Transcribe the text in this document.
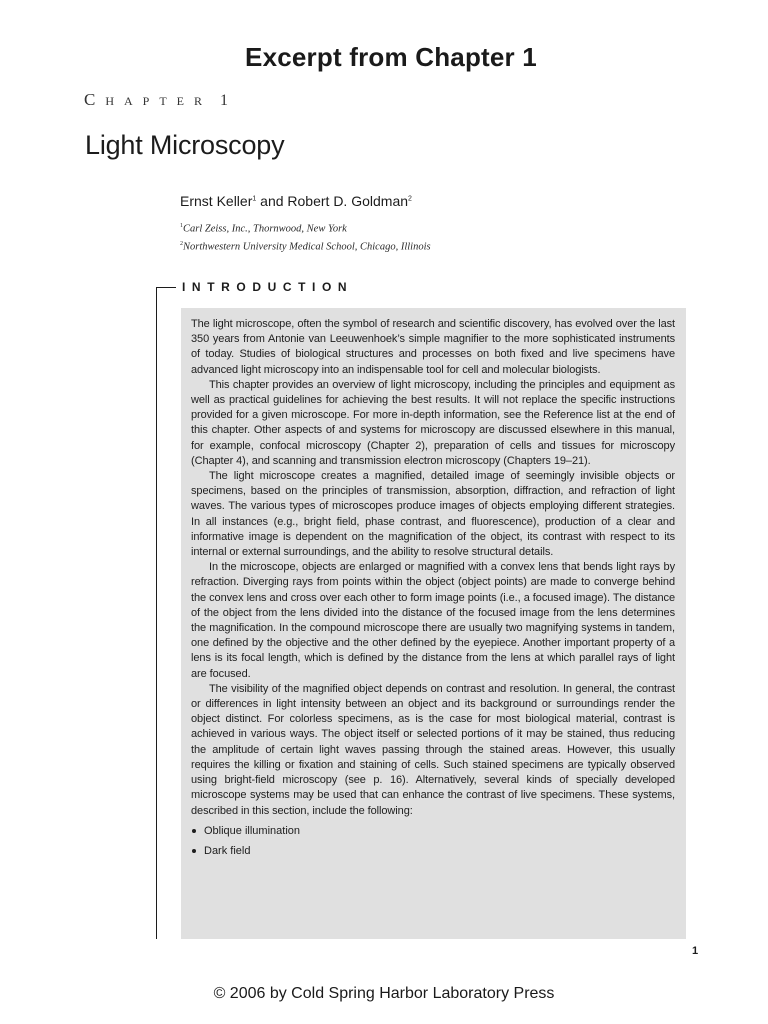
Excerpt from Chapter 1
Chapter 1
Light Microscopy
Ernst Keller$^1$ and Robert D. Goldman$^2$
$^1$Carl Zeiss, Inc., Thornwood, New York
$^2$Northwestern University Medical School, Chicago, Illinois
INTRODUCTION

The light microscope, often the symbol of research and scientific discovery, has evolved over the last 350 years from Antonie van Leeuwenhoek’s simple magnifier to the more sophisticated instruments of today. Studies of biological structures and processes on both fixed and live specimens have advanced light microscopy into an indispensable tool for cell and molecular biologists.

This chapter provides an overview of light microscopy, including the principles and equipment as well as practical guidelines for achieving the best results. It will not replace the specific instructions provided for a given microscope. For more in-depth information, see the Reference list at the end of this chapter. Other aspects of and systems for microscopy are discussed elsewhere in this manual, for example, confocal microscopy (Chapter 2), preparation of cells and tissues for microscopy (Chapter 4), and scanning and transmission electron microscopy (Chapters 19–21).

The light microscope creates a magnified, detailed image of seemingly invisible objects or specimens, based on the principles of transmission, absorption, diffraction, and refraction of light waves. The various types of microscopes produce images of objects employing different strategies. In all instances (e.g., bright field, phase contrast, and fluorescence), production of a clear and informative image is dependent on the magnification of the object, its contrast with respect to its internal or external surroundings, and the ability to resolve structural details.

In the microscope, objects are enlarged or magnified with a convex lens that bends light rays by refraction. Diverging rays from points within the object (object points) are made to converge behind the convex lens and cross over each other to form image points (i.e., a focused image). The distance of the object from the lens divided into the distance of the focused image from the lens determines the magnification. In the compound microscope there are usually two magnifying systems in tandem, one defined by the objective and the other defined by the eyepiece. Another important property of a lens is its focal length, which is defined by the distance from the lens at which parallel rays of light are focused.

The visibility of the magnified object depends on contrast and resolution. In general, the contrast or differences in light intensity between an object and its background or surroundings render the object distinct. For colorless specimens, as is the case for most biological material, contrast is achieved in various ways. The object itself or selected portions of it may be stained, thus reducing the amplitude of certain light waves passing through the stained areas. However, this usually requires the killing or fixation and staining of cells. Such stained specimens are typically observed using bright-field microscopy (see p. 16). Alternatively, several kinds of specially developed microscope systems may be used that can enhance the contrast of live specimens. These systems, described in this section, include the following:

Oblique illumination
Dark field
1
© 2006 by Cold Spring Harbor Laboratory Press
